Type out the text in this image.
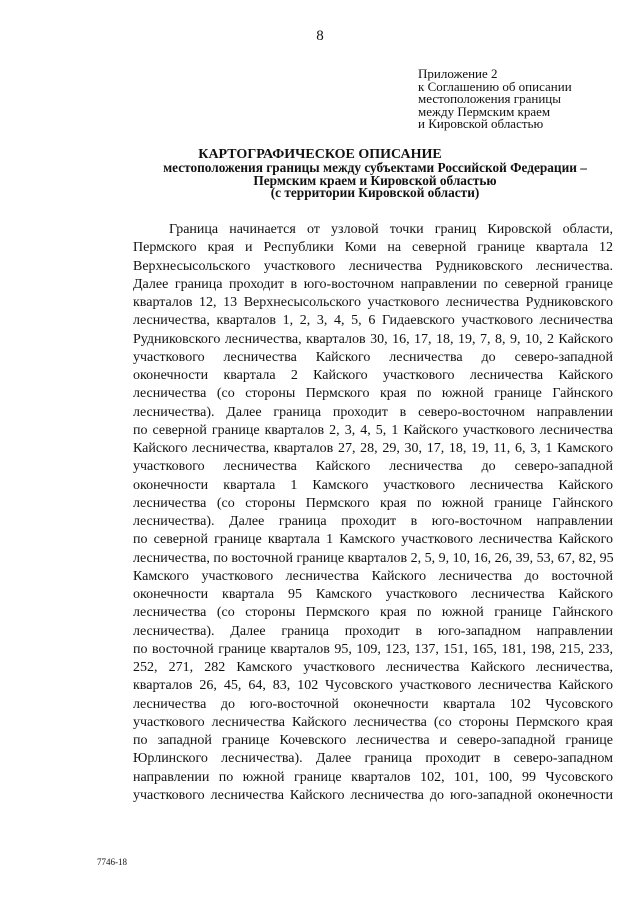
8
Приложение 2
к Соглашению об описании
местоположения границы
между Пермским краем
и Кировской областью
КАРТОГРАФИЧЕСКОЕ ОПИСАНИЕ
местоположения границы между субъектами Российской Федерации –
Пермским краем и Кировской областью
(с территории Кировской области)
Граница начинается от узловой точки границ Кировской области,
Пермского края и Республики Коми на северной границе квартала 12
Верхнесысольского участкового лесничества Рудниковского лесничества.
Далее граница проходит в юго-восточном направлении по северной границе
кварталов 12, 13 Верхнесысольского участкового лесничества Рудниковского
лесничества, кварталов 1, 2, 3, 4, 5, 6 Гидаевского участкового лесничества
Рудниковского лесничества, кварталов 30, 16, 17, 18, 19, 7, 8, 9, 10, 2 Кайского
участкового лесничества Кайского лесничества до северо-западной
оконечности квартала 2 Кайского участкового лесничества Кайского
лесничества (со стороны Пермского края по южной границе Гайнского
лесничества). Далее граница проходит в северо-восточном направлении
по северной границе кварталов 2, 3, 4, 5, 1 Кайского участкового лесничества
Кайского лесничества, кварталов 27, 28, 29, 30, 17, 18, 19, 11, 6, 3, 1 Камского
участкового лесничества Кайского лесничества до северо-западной
оконечности квартала 1 Камского участкового лесничества Кайского
лесничества (со стороны Пермского края по южной границе Гайнского
лесничества). Далее граница проходит в юго-восточном направлении
по северной границе квартала 1 Камского участкового лесничества Кайского
лесничества, по восточной границе кварталов 2, 5, 9, 10, 16, 26, 39, 53, 67, 82, 95
Камского участкового лесничества Кайского лесничества до восточной
оконечности квартала 95 Камского участкового лесничества Кайского
лесничества (со стороны Пермского края по южной границе Гайнского
лесничества). Далее граница проходит в юго-западном направлении
по восточной границе кварталов 95, 109, 123, 137, 151, 165, 181, 198, 215, 233,
252, 271, 282 Камского участкового лесничества Кайского лесничества,
кварталов 26, 45, 64, 83, 102 Чусовского участкового лесничества Кайского
лесничества до юго-восточной оконечности квартала 102 Чусовского
участкового лесничества Кайского лесничества (со стороны Пермского края
по западной границе Кочевского лесничества и северо-западной границе
Юрлинского лесничества). Далее граница проходит в северо-западном
направлении по южной границе кварталов 102, 101, 100, 99 Чусовского
участкового лесничества Кайского лесничества до юго-западной оконечности
7746-18
